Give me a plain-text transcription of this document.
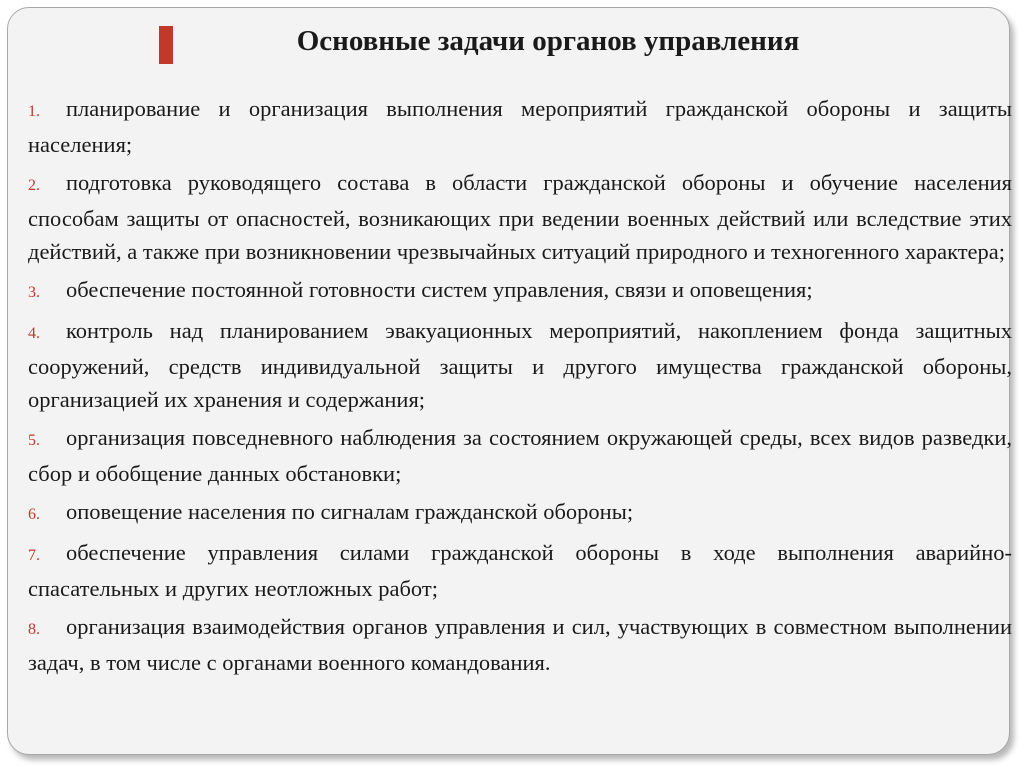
Основные задачи органов управления
1. планирование и организация выполнения мероприятий гражданской обороны и защиты населения;
2. подготовка руководящего состава в области гражданской обороны и обучение населения способам защиты от опасностей, возникающих при ведении военных действий или вследствие этих действий, а также при возникновении чрезвычайных ситуаций природного и техногенного характера;
3. обеспечение постоянной готовности систем управления, связи и оповещения;
4. контроль над планированием эвакуационных мероприятий, накоплением фонда защитных сооружений, средств индивидуальной защиты и другого имущества гражданской обороны, организацией их хранения и содержания;
5. организация повседневного наблюдения за состоянием окружающей среды, всех видов разведки, сбор и обобщение данных обстановки;
6. оповещение населения по сигналам гражданской обороны;
7. обеспечение управления силами гражданской обороны в ходе выполнения аварийно-спасательных и других неотложных работ;
8. организация взаимодействия органов управления и сил, участвующих в совместном выполнении задач, в том числе с органами военного командования.
